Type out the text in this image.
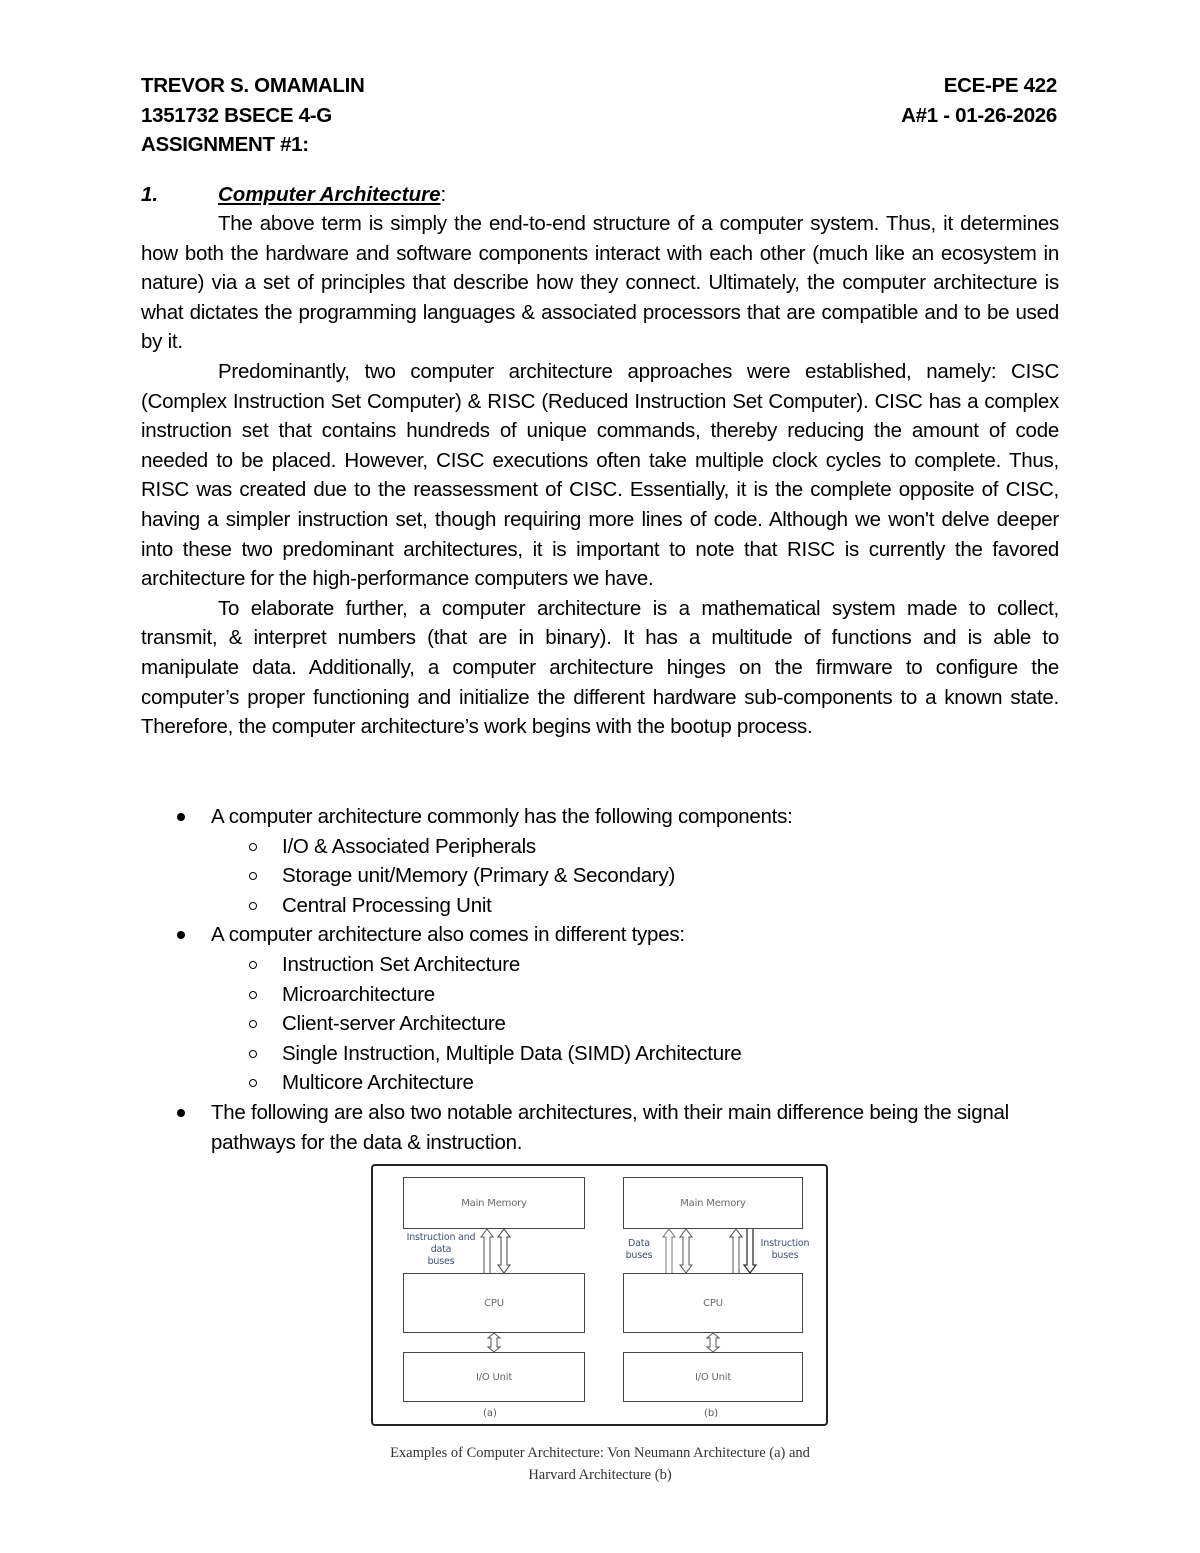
TREVOR S. OMAMALIN
1351732 BSECE 4-G
ASSIGNMENT #1:
ECE-PE 422
A#1 - 01-26-2026
1.	Computer Architecture:

The above term is simply the end-to-end structure of a computer system. Thus, it determines how both the hardware and software components interact with each other (much like an ecosystem in nature) via a set of principles that describe how they connect. Ultimately, the computer architecture is what dictates the programming languages & associated processors that are compatible and to be used by it.

Predominantly, two computer architecture approaches were established, namely: CISC (Complex Instruction Set Computer) & RISC (Reduced Instruction Set Computer). CISC has a complex instruction set that contains hundreds of unique commands, thereby reducing the amount of code needed to be placed. However, CISC executions often take multiple clock cycles to complete. Thus, RISC was created due to the reassessment of CISC. Essentially, it is the complete opposite of CISC, having a simpler instruction set, though requiring more lines of code. Although we won't delve deeper into these two predominant architectures, it is important to note that RISC is currently the favored architecture for the high-performance computers we have.

To elaborate further, a computer architecture is a mathematical system made to collect, transmit, & interpret numbers (that are in binary). It has a multitude of functions and is able to manipulate data. Additionally, a computer architecture hinges on the firmware to configure the computer’s proper functioning and initialize the different hardware sub-components to a known state. Therefore, the computer architecture’s work begins with the bootup process.

A computer architecture commonly has the following components:
I/O & Associated Peripherals
Storage unit/Memory (Primary & Secondary)
Central Processing Unit
A computer architecture also comes in different types:
Instruction Set Architecture
Microarchitecture
Client-server Architecture
Single Instruction, Multiple Data (SIMD) Architecture
Multicore Architecture
The following are also two notable architectures, with their main difference being the signal pathways for the data & instruction.
Main Memory
CPU
I/O Unit
Instruction and
data
buses
(a)
Main Memory
CPU
I/O Unit
Data
buses
Instruction
buses
(b)
Examples of Computer Architecture: Von Neumann Architecture (a) and
Harvard Architecture (b)
